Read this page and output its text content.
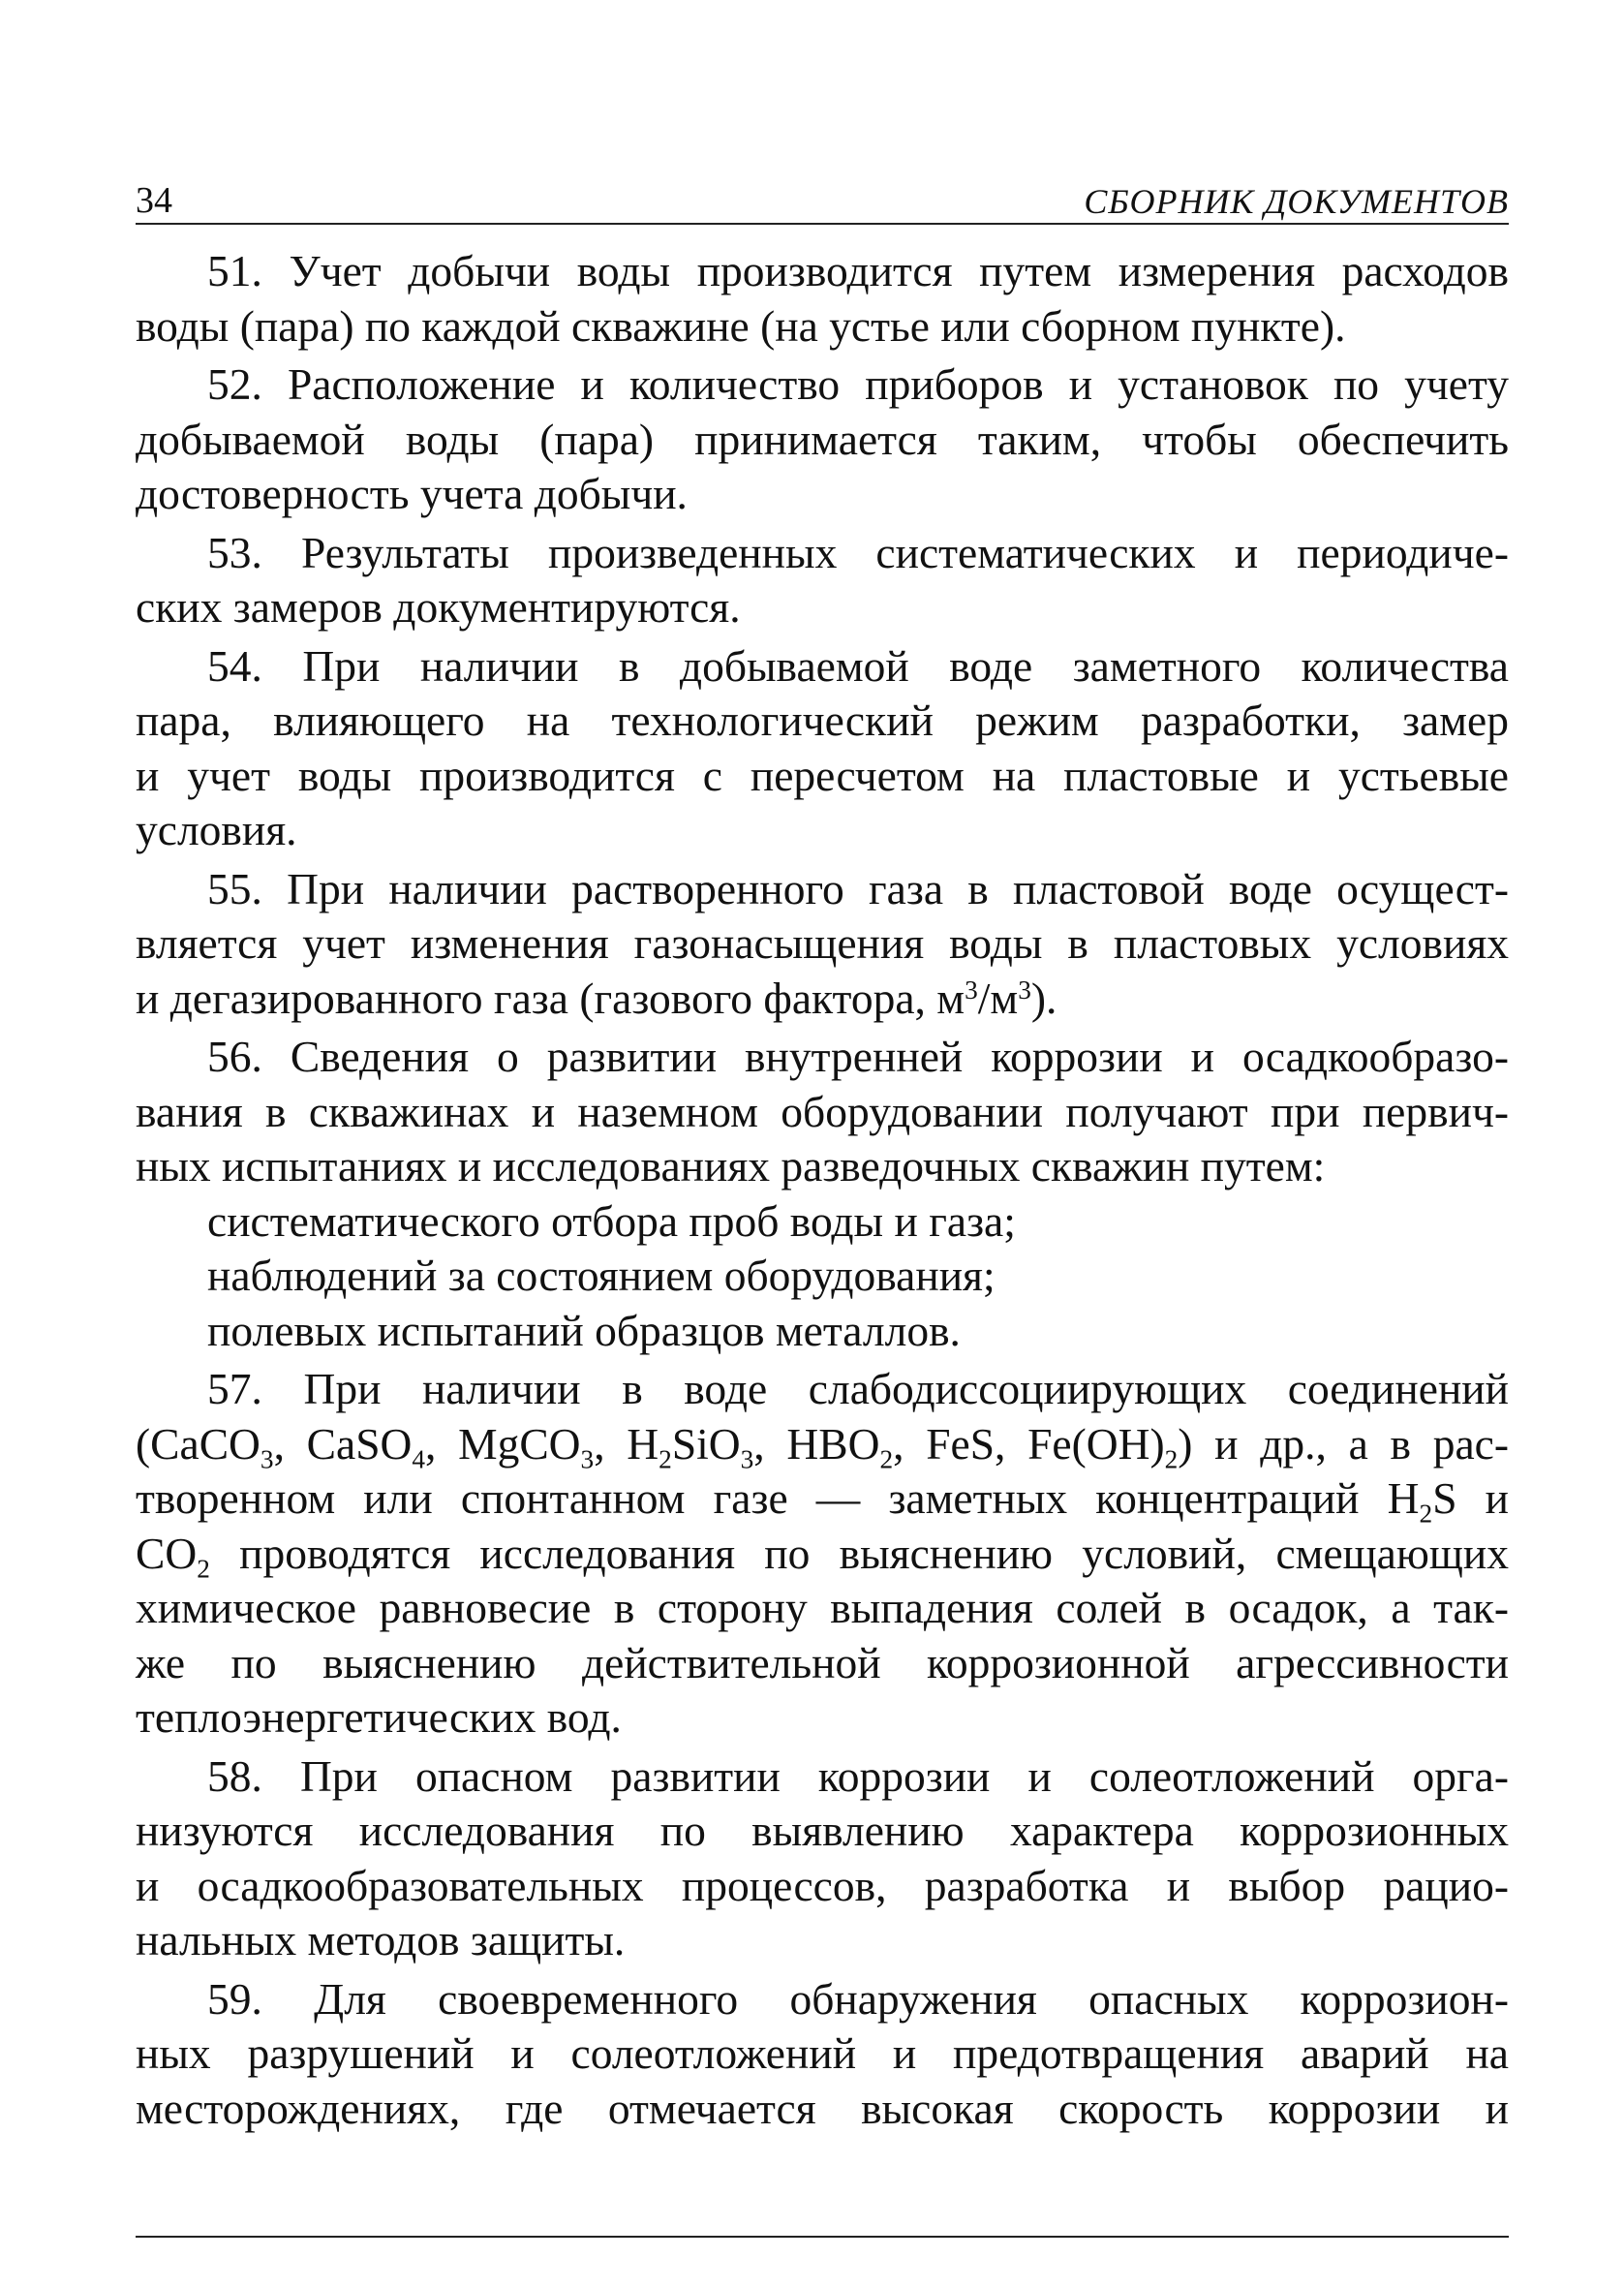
34	СБОРНИК ДОКУМЕНТОВ

51. Учет добычи воды производится путем измерения расходов
воды (пара) по каждой скважине (на устье или сборном пункте).

52. Расположение и количество приборов и установок по учету
добываемой воды (пара) принимается таким, чтобы обеспечить
достоверность учета добычи.

53. Результаты произведенных систематических и периодиче-
ских замеров документируются.

54. При наличии в добываемой воде заметного количества
пара, влияющего на технологический режим разработки, замер
и учет воды производится с пересчетом на пластовые и устьевые
условия.

55. При наличии растворенного газа в пластовой воде осущест-
вляется учет изменения газонасыщения воды в пластовых условиях
и дегазированного газа (газового фактора, $м^3/м^3$).

56. Сведения о развитии внутренней коррозии и осадкообразо-
вания в скважинах и наземном оборудовании получают при первич-
ных испытаниях и исследованиях разведочных скважин путем:

систематического отбора проб воды и газа;

наблюдений за состоянием оборудования;

полевых испытаний образцов металлов.

57. При наличии в воде слабодиссоциирующих соединений
(CaCO$_3$, CaSO$_4$, MgCO$_3$, $H_2SiO_3$, $HBO_2$, FeS, $Fe(OH)_2$) и др., а в рас-
творенном или спонтанном газе — заметных концентраций $H_2S$ и
$CO_2$ проводятся исследования по выяснению условий, смещающих
химическое равновесие в сторону выпадения солей в осадок, а так-
же по выяснению действительной коррозионной агрессивности
теплоэнергетических вод.

58. При опасном развитии коррозии и солеотложений орга-
низуются исследования по выявлению характера коррозионных
и осадкообразовательных процессов, разработка и выбор рацио-
нальных методов защиты.

59. Для своевременного обнаружения опасных коррозион-
ных разрушений и солеотложений и предотвращения аварий на
месторождениях, где отмечается высокая скорость коррозии и
